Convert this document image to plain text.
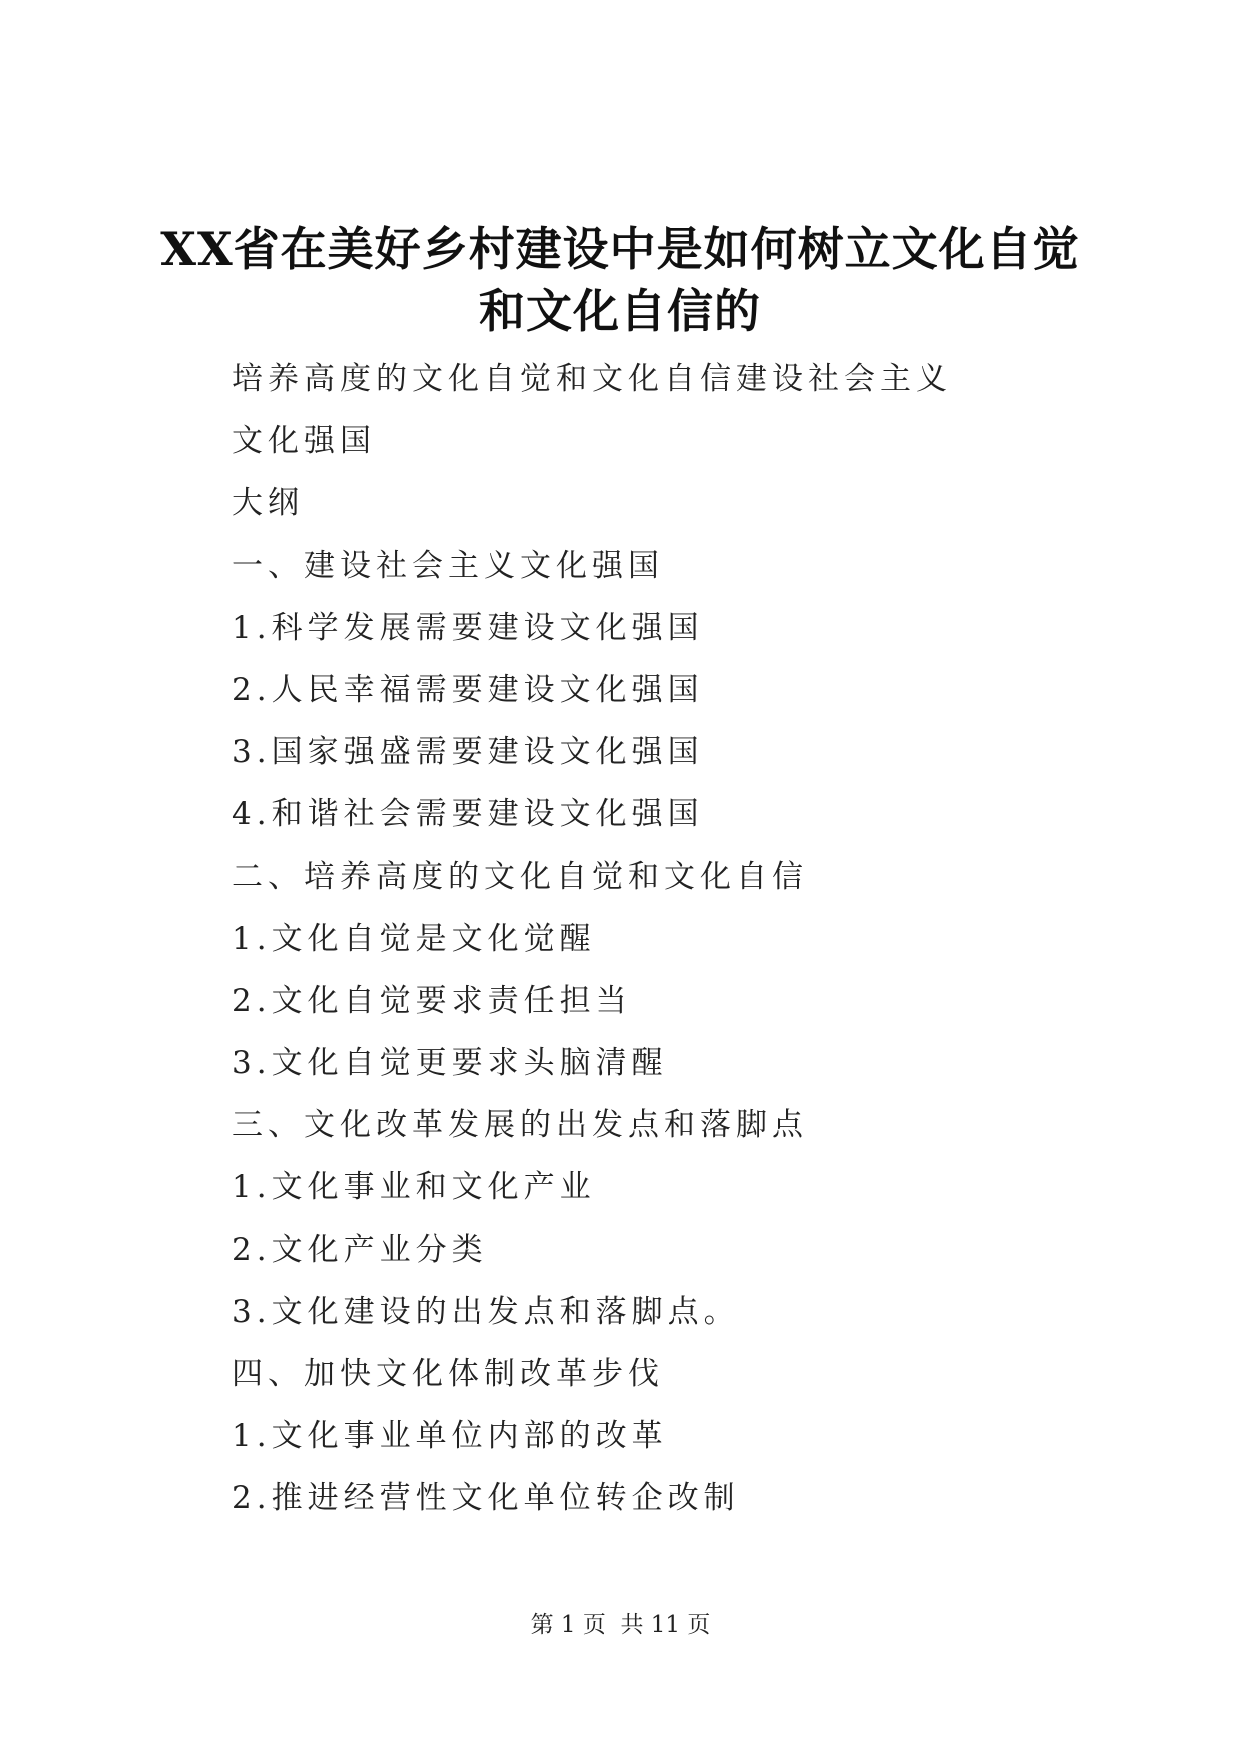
XX省在美好乡村建设中是如何树立文化自觉
和文化自信的
培养高度的文化自觉和文化自信建设社会主义
文化强国
大纲
一、建设社会主义文化强国
1.科学发展需要建设文化强国
2.人民幸福需要建设文化强国
3.国家强盛需要建设文化强国
4.和谐社会需要建设文化强国
二、培养高度的文化自觉和文化自信
1.文化自觉是文化觉醒
2.文化自觉要求责任担当
3.文化自觉更要求头脑清醒
三、文化改革发展的出发点和落脚点
1.文化事业和文化产业
2.文化产业分类
3.文化建设的出发点和落脚点。
四、加快文化体制改革步伐
1.文化事业单位内部的改革
2.推进经营性文化单位转企改制
第 1 页  共 11 页
